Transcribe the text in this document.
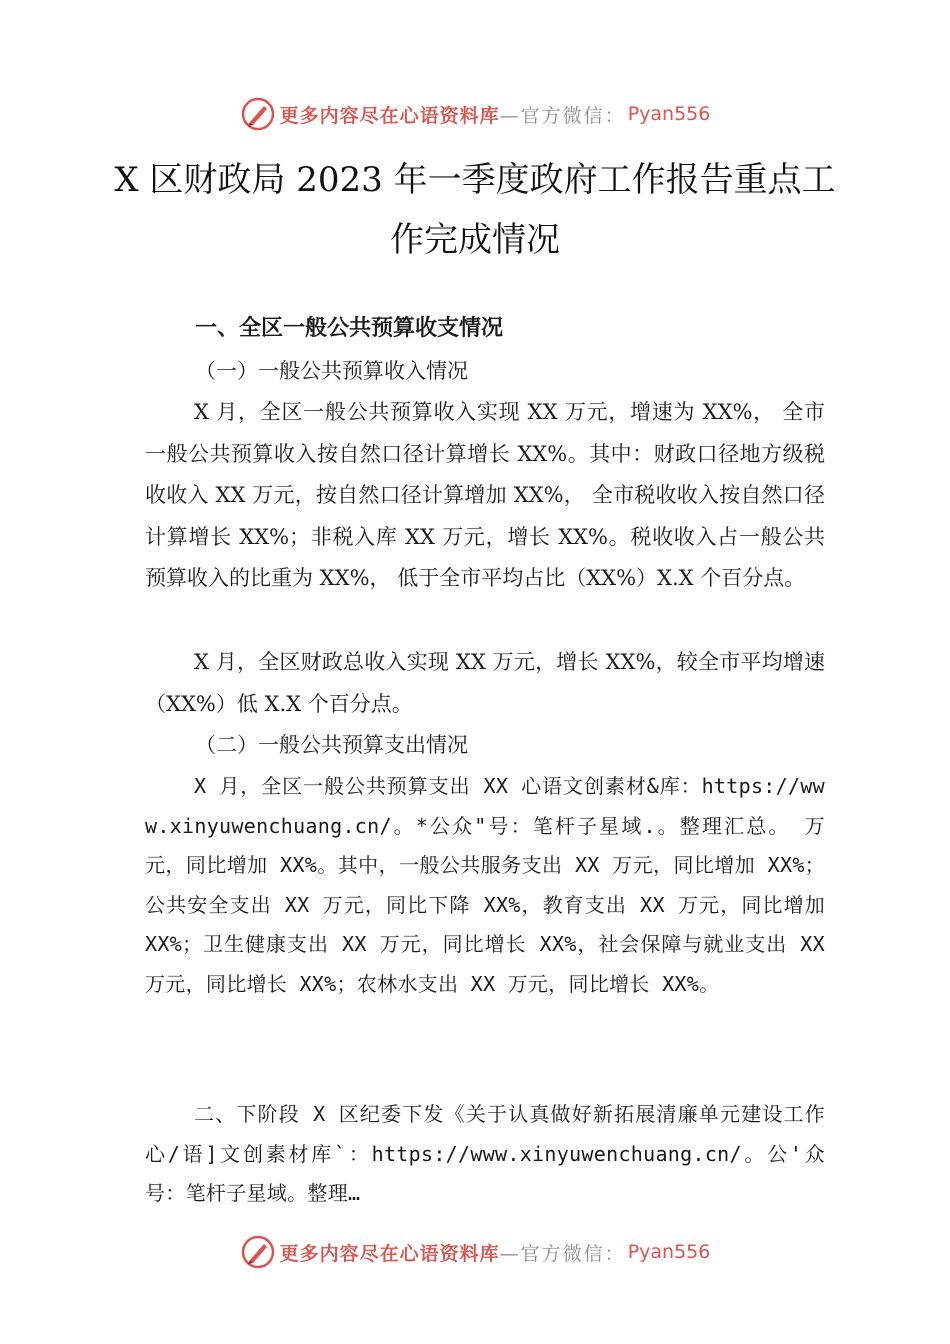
更多内容尽在心语资料库 —官方微信： Pyan556
X 区财政局 2023 年一季度政府工作报告重点工作完成情况
一、全区一般公共预算收支情况
（一）一般公共预算收入情况

X 月，全区一般公共预算收入实现 XX 万元，增速为 XX%， 全市一般公共预算收入按自然口径计算增长 XX%。其中：财政口径地方级税收收入 XX 万元，按自然口径计算增加 XX%， 全市税收收入按自然口径计算增长 XX%；非税入库 XX 万元，增长 XX%。税收收入占一般公共预算收入的比重为 XX%， 低于全市平均占比（XX%）X.X 个百分点。

X 月，全区财政总收入实现 XX 万元，增长 XX%，较全市平均增速（XX%）低 X.X 个百分点。

（二）一般公共预算支出情况

X 月，全区一般公共预算支出 XX 心语文创素材&库：https://www.xinyuwenchuang.cn/。*公众"号：笔杆子星域.。整理汇总。 万元，同比增加 XX%。其中，一般公共服务支出 XX 万元，同比增加 XX%；公共安全支出 XX 万元，同比下降 XX%，教育支出 XX 万元，同比增加 XX%；卫生健康支出 XX 万元，同比增长 XX%，社会保障与就业支出 XX 万元，同比增长 XX%；农林水支出 XX 万元，同比增长 XX%。

二、下阶段 X 区纪委下发《关于认真做好新拓展清廉单元建设工作心/语]文创素材库`：https://www.xinyuwenchuang.cn/。公'众号：笔杆子星域。整理…

更多内容尽在心语资料库 —官方微信： Pyan556
